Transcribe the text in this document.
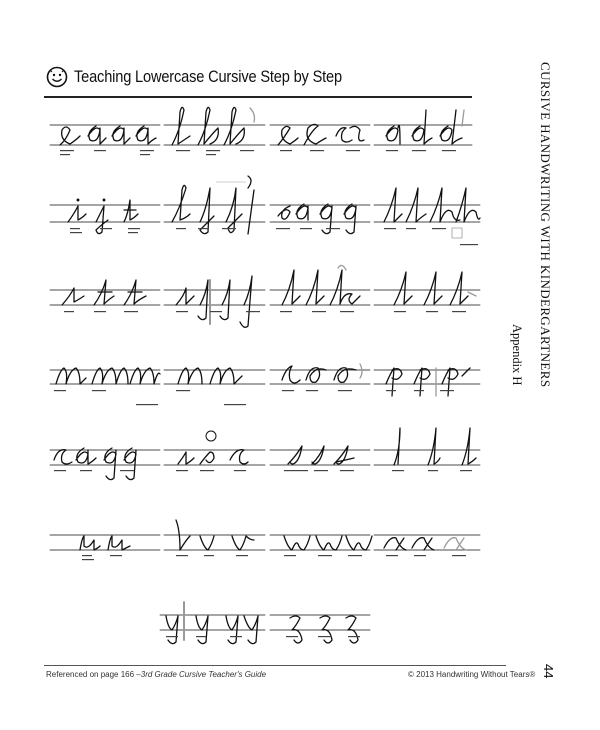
Teaching Lowercase Cursive Step by Step	CURSIVE HANDWRITING WITH KINDERGARTNERS
Appendix H
Referenced on page 166 –3rd Grade Cursive Teacher's Guide	© 2013 Handwriting Without Tears® 44
